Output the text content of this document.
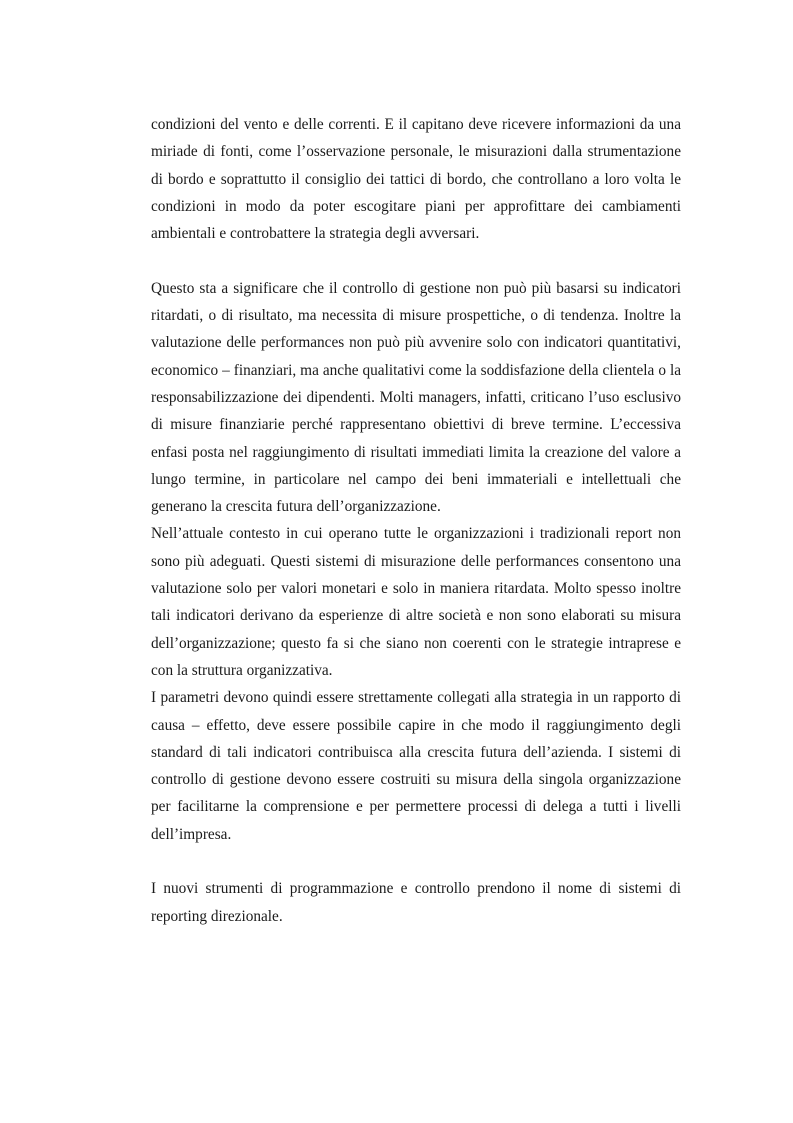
condizioni del vento e delle correnti. E il capitano deve ricevere informazioni da una miriade di fonti, come l’osservazione personale, le misurazioni dalla strumentazione di bordo e soprattutto il consiglio dei tattici di bordo, che controllano a loro volta le condizioni in modo da poter escogitare piani per approfittare dei cambiamenti ambientali e controbattere la strategia degli avversari.

Questo sta a significare che il controllo di gestione non può più basarsi su indicatori ritardati, o di risultato, ma necessita di misure prospettiche, o di tendenza. Inoltre la valutazione delle performances non può più avvenire solo con indicatori quantitativi, economico – finanziari, ma anche qualitativi come la soddisfazione della clientela o la responsabilizzazione dei dipendenti. Molti managers, infatti, criticano l’uso esclusivo di misure finanziarie perché rappresentano obiettivi di breve termine. L’eccessiva enfasi posta nel raggiungimento di risultati immediati limita la creazione del valore a lungo termine, in particolare nel campo dei beni immateriali e intellettuali che generano la crescita futura dell’organizzazione.

Nell’attuale contesto in cui operano tutte le organizzazioni i tradizionali report non sono più adeguati. Questi sistemi di misurazione delle performances consentono una valutazione solo per valori monetari e solo in maniera ritardata. Molto spesso inoltre tali indicatori derivano da esperienze di altre società e non sono elaborati su misura dell’organizzazione; questo fa si che siano non coerenti con le strategie intraprese e con la struttura organizzativa.

I parametri devono quindi essere strettamente collegati alla strategia in un rapporto di causa – effetto, deve essere possibile capire in che modo il raggiungimento degli standard di tali indicatori contribuisca alla crescita futura dell’azienda. I sistemi di controllo di gestione devono essere costruiti su misura della singola organizzazione per facilitarne la comprensione e per permettere processi di delega a tutti i livelli dell’impresa.

I nuovi strumenti di programmazione e controllo prendono il nome di sistemi di reporting direzionale.
